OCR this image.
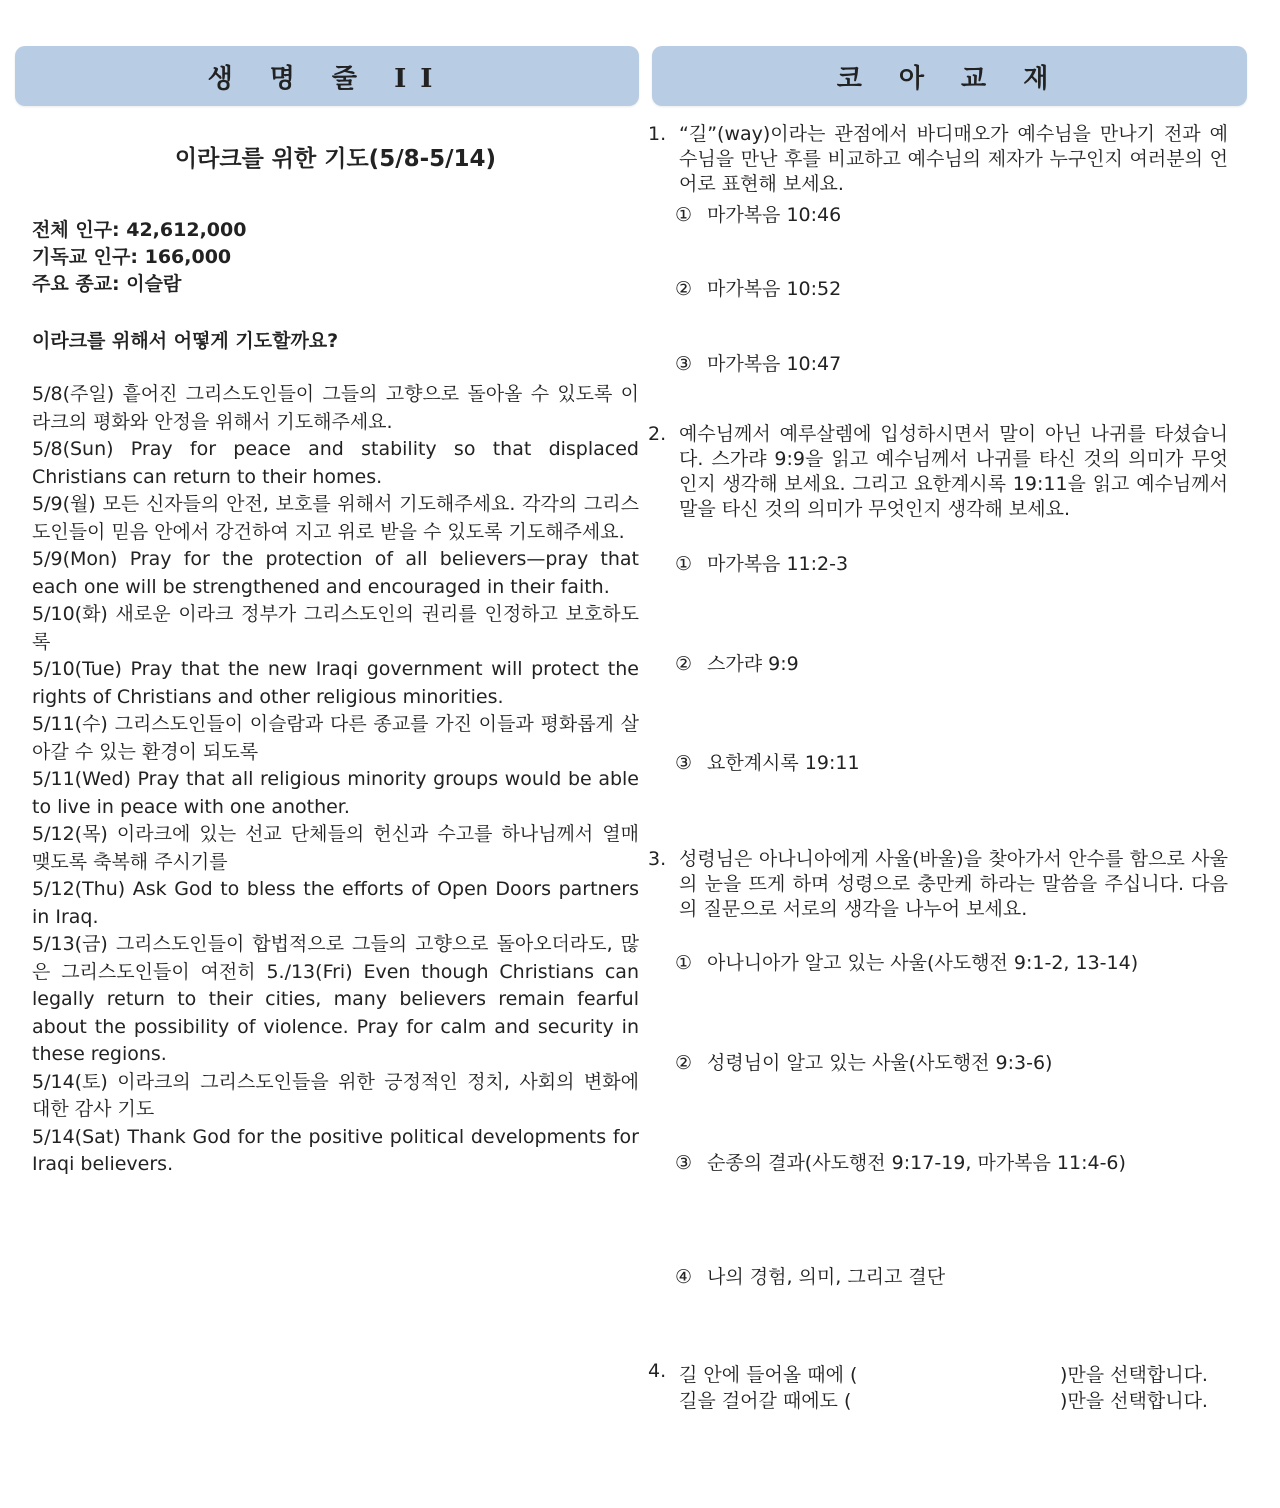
생 명 줄 II	코 아 교 재
이라크를 위한 기도(5/8-5/14)
전체 인구: 42,612,000
기독교 인구: 166,000
주요 종교: 이슬람
이라크를 위해서 어떻게 기도할까요?
5/8(주일) 흩어진 그리스도인들이 그들의 고향으로 돌아올 수 있도록 이라크의 평화와 안정을 위해서 기도해주세요.
5/8(Sun) Pray for peace and stability so that displaced Christians can return to their homes.
5/9(월) 모든 신자들의 안전, 보호를 위해서 기도해주세요. 각각의 그리스도인들이 믿음 안에서 강건하여 지고 위로 받을 수 있도록 기도해주세요.
5/9(Mon) Pray for the protection of all believers—pray that each one will be strengthened and encouraged in their faith.
5/10(화) 새로운 이라크 정부가 그리스도인의 권리를 인정하고 보호하도록
5/10(Tue) Pray that the new Iraqi government will protect the rights of Christians and other religious minorities.
5/11(수) 그리스도인들이 이슬람과 다른 종교를 가진 이들과 평화롭게 살아갈 수 있는 환경이 되도록
5/11(Wed) Pray that all religious minority groups would be able to live in peace with one another.
5/12(목) 이라크에 있는 선교 단체들의 헌신과 수고를 하나님께서 열매 맺도록 축복해 주시기를
5/12(Thu) Ask God to bless the efforts of Open Doors partners in Iraq.
5/13(금) 그리스도인들이 합법적으로 그들의 고향으로 돌아오더라도, 많은 그리스도인들이 여전히 5./13(Fri) Even though Christians can legally return to their cities, many believers remain fearful about the possibility of violence. Pray for calm and security in these regions.
5/14(토) 이라크의 그리스도인들을 위한 긍정적인 정치, 사회의 변화에 대한 감사 기도
5/14(Sat) Thank God for the positive political developments for Iraqi believers.
1. “길”(way)이라는 관점에서 바디매오가 예수님을 만나기 전과 예수님을 만난 후를 비교하고 예수님의 제자가 누구인지 여러분의 언어로 표현해 보세요.
① 마가복음 10:46
② 마가복음 10:52
③ 마가복음 10:47
2. 예수님께서 예루살렘에 입성하시면서 말이 아닌 나귀를 타셨습니다. 스가랴 9:9을 읽고 예수님께서 나귀를 타신 것의 의미가 무엇인지 생각해 보세요. 그리고 요한계시록 19:11을 읽고 예수님께서 말을 타신 것의 의미가 무엇인지 생각해 보세요.
① 마가복음 11:2-3
② 스가랴 9:9
③ 요한계시록 19:11
3. 성령님은 아나니아에게 사울(바울)을 찾아가서 안수를 함으로 사울의 눈을 뜨게 하며 성령으로 충만케 하라는 말씀을 주십니다. 다음의 질문으로 서로의 생각을 나누어 보세요.
① 아나니아가 알고 있는 사울(사도행전 9:1-2, 13-14)
② 성령님이 알고 있는 사울(사도행전 9:3-6)
③ 순종의 결과(사도행전 9:17-19, 마가복음 11:4-6)
④ 나의 경험, 의미, 그리고 결단
4. 길 안에 들어올 때에 (	)만을 선택합니다.
길을 걸어갈 때에도 (	)만을 선택합니다.
